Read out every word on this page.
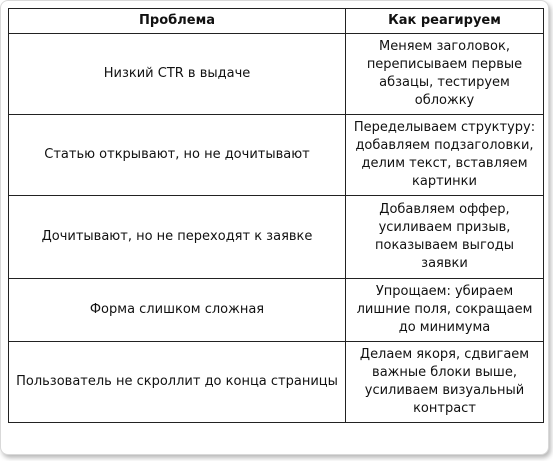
Проблема	Как реагируем
Низкий CTR в выдаче	Меняем заголовок, переписываем первые абзацы, тестируем обложку
Статью открывают, но не дочитывают	Переделываем структуру: добавляем подзаголовки, делим текст, вставляем картинки
Дочитывают, но не переходят к заявке	Добавляем оффер, усиливаем призыв, показываем выгоды заявки
Форма слишком сложная	Упрощаем: убираем лишние поля, сокращаем до минимума
Пользователь не скроллит до конца страницы	Делаем якоря, сдвигаем важные блоки выше, усиливаем визуальный контраст
